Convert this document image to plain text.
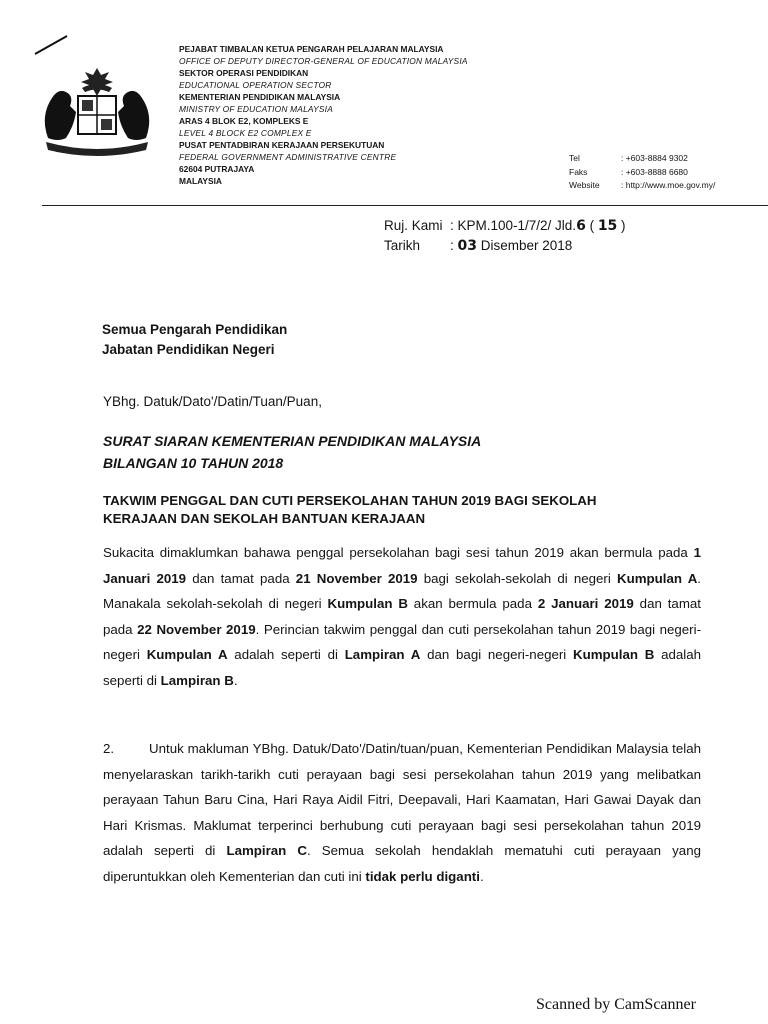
BERSEKUTU BERTAMBAH MUTU
PEJABAT TIMBALAN KETUA PENGARAH PELAJARAN MALAYSIA
OFFICE OF DEPUTY DIRECTOR-GENERAL OF EDUCATION MALAYSIA
SEKTOR OPERASI PENDIDIKAN
EDUCATIONAL OPERATION SECTOR
KEMENTERIAN PENDIDIKAN MALAYSIA
MINISTRY OF EDUCATION MALAYSIA
ARAS 4 BLOK E2, KOMPLEKS E
LEVEL 4 BLOCK E2 COMPLEX E
PUSAT PENTADBIRAN KERAJAAN PERSEKUTUAN
FEDERAL GOVERNMENT ADMINISTRATIVE CENTRE
62604 PUTRAJAYA
MALAYSIA
Tel	: +603-8884 9302
Faks	: +603-8888 6680
Website	: http://www.moe.gov.my/
Ruj. Kami : KPM.100-1/7/2/ Jld.6 ( 15 )
Tarikh	: 03 Disember 2018
Semua Pengarah Pendidikan
Jabatan Pendidikan Negeri
YBhg. Datuk/Dato'/Datin/Tuan/Puan,
SURAT SIARAN KEMENTERIAN PENDIDIKAN MALAYSIA
BILANGAN 10 TAHUN 2018
TAKWIM PENGGAL DAN CUTI PERSEKOLAHAN TAHUN 2019 BAGI SEKOLAH
KERAJAAN DAN SEKOLAH BANTUAN KERAJAAN
Sukacita dimaklumkan bahawa penggal persekolahan bagi sesi tahun 2019 akan bermula pada 1 Januari 2019 dan tamat pada 21 November 2019 bagi sekolah-sekolah di negeri Kumpulan A. Manakala sekolah-sekolah di negeri Kumpulan B akan bermula pada 2 Januari 2019 dan tamat pada 22 November 2019. Perincian takwim penggal dan cuti persekolahan tahun 2019 bagi negeri-negeri Kumpulan A adalah seperti di Lampiran A dan bagi negeri-negeri Kumpulan B adalah seperti di Lampiran B.
2.	Untuk makluman YBhg. Datuk/Dato'/Datin/tuan/puan, Kementerian Pendidikan Malaysia telah menyelaraskan tarikh-tarikh cuti perayaan bagi sesi persekolahan tahun 2019 yang melibatkan perayaan Tahun Baru Cina, Hari Raya Aidil Fitri, Deepavali, Hari Kaamatan, Hari Gawai Dayak dan Hari Krismas. Maklumat terperinci berhubung cuti perayaan bagi sesi persekolahan tahun 2019 adalah seperti di Lampiran C. Semua sekolah hendaklah mematuhi cuti perayaan yang diperuntukkan oleh Kementerian dan cuti ini tidak perlu diganti.
Scanned by CamScanner
